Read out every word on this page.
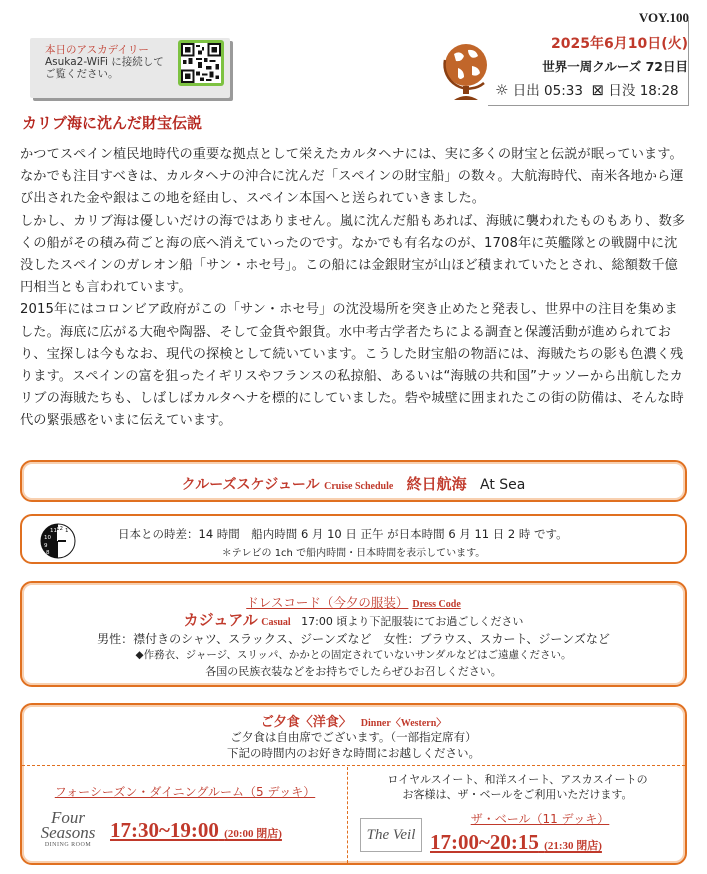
VOY.100
本日のアスカデイリー
Asuka2-WiFi に接続して
ご覧ください。
2025年6月10日(火)
世界一周クルーズ 72日目
☼ 日出 05:33 ⊠ 日没 18:28
カリブ海に沈んだ財宝伝説

かつてスペイン植民地時代の重要な拠点として栄えたカルタヘナには、実に多くの財宝と伝説が眠っています。なかでも注目すべきは、カルタヘナの沖合に沈んだ「スペインの財宝船」の数々。大航海時代、南米各地から運び出された金や銀はこの地を経由し、スペイン本国へと送られていきました。

しかし、カリブ海は優しいだけの海ではありません。嵐に沈んだ船もあれば、海賊に襲われたものもあり、数多くの船がその積み荷ごと海の底へ消えていったのです。なかでも有名なのが、1708年に英艦隊との戦闘中に沈没したスペインのガレオン船「サン・ホセ号」。この船には金銀財宝が山ほど積まれていたとされ、総額数千億円相当とも言われています。

2015年にはコロンビア政府がこの「サン・ホセ号」の沈没場所を突き止めたと発表し、世界中の注目を集めました。海底に広がる大砲や陶器、そして金貨や銀貨。水中考古学者たちによる調査と保護活動が進められており、宝探しは今もなお、現代の探検として続いています。こうした財宝船の物語には、海賊たちの影も色濃く残ります。スペインの富を狙ったイギリスやフランスの私掠船、あるいは“海賊の共和国”ナッソーから出航したカリブの海賊たちも、しばしばカルタヘナを標的にしていました。砦や城壁に囲まれたこの街の防備は、そんな時代の緊張感をいまに伝えています。

クルーズスケジュール Cruise Schedule 終日航海 At Sea
日本との時差：14 時間　船内時間 6 月 10 日 正午 が日本時間 6 月 11 日 2 時 です。
＊テレビの 1ch で船内時間・日本時間を表示しています。
11 12 1
10
9
8
ドレスコード（今夕の服装） Dress Code
カジュアル Casual 17:00 頃より下記服装にてお過ごしください
男性：襟付きのシャツ、スラックス、ジーンズなど　女性：ブラウス、スカート、ジーンズなど
◆作務衣、ジャージ、スリッパ、かかとの固定されていないサンダルなどはご遠慮ください。
各国の民族衣装などをお持ちでしたらぜひお召しください。
ご夕食〈洋食〉 Dinner〈Western〉
ご夕食は自由席でございます。（一部指定席有）
下記の時間内のお好きな時間にお越しください。
フォーシーズン・ダイニングルーム（5 デッキ）
Four
Seasons
DINING ROOM
17:30~19:00 (20:00 閉店)
ロイヤルスイート、和洋スイート、アスカスイートの
お客様は、ザ・ベールをご利用いただけます。
ザ・ベール（11 デッキ）
The Veil 17:00~20:15 (21:30 閉店)
